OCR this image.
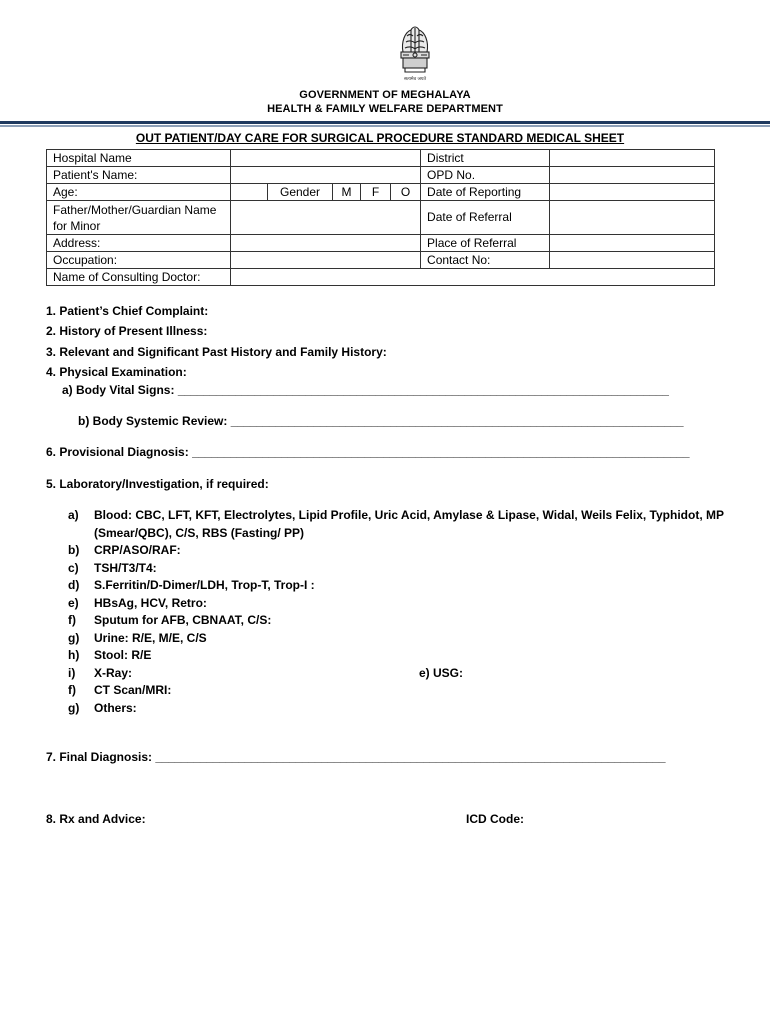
सत्यमेव जयते
GOVERNMENT OF MEGHALAYA
HEALTH & FAMILY WELFARE DEPARTMENT
OUT PATIENT/DAY CARE FOR SURGICAL PROCEDURE STANDARD MEDICAL SHEET
Hospital Name						District	
Patient's Name:						OPD No.	
Age:		Gender	M	F	O	Date of Reporting	
Father/Mother/Guardian Name for Minor						Date of Referral	
Address:						Place of Referral	
Occupation:						Contact No:	
Name of Consulting Doctor:							
1. Patient’s Chief Complaint:
2. History of Present Illness:
3. Relevant and Significant Past History and Family History:
4. Physical Examination:
a) Body Vital Signs: _____________________________________________________________________________
b) Body Systemic Review: _______________________________________________________________________
6. Provisional Diagnosis: ______________________________________________________________________________
5. Laboratory/Investigation, if required:
a)	Blood: CBC, LFT, KFT, Electrolytes, Lipid Profile, Uric Acid, Amylase & Lipase, Widal, Weils Felix, Typhidot, MP (Smear/QBC), C/S, RBS (Fasting/ PP)
b)	CRP/ASO/RAF:
c)	TSH/T3/T4:
d)	S.Ferritin/D-Dimer/LDH, Trop-T, Trop-I :
e)	HBsAg, HCV, Retro:
f)	Sputum for AFB, CBNAAT, C/S:
g)	Urine: R/E, M/E, C/S
h)	Stool: R/E
i)	X-Ray:	e) USG:
f)	CT Scan/MRI:
g)	Others:
7. Final Diagnosis: ________________________________________________________________________________
8. Rx and Advice:	ICD Code:
